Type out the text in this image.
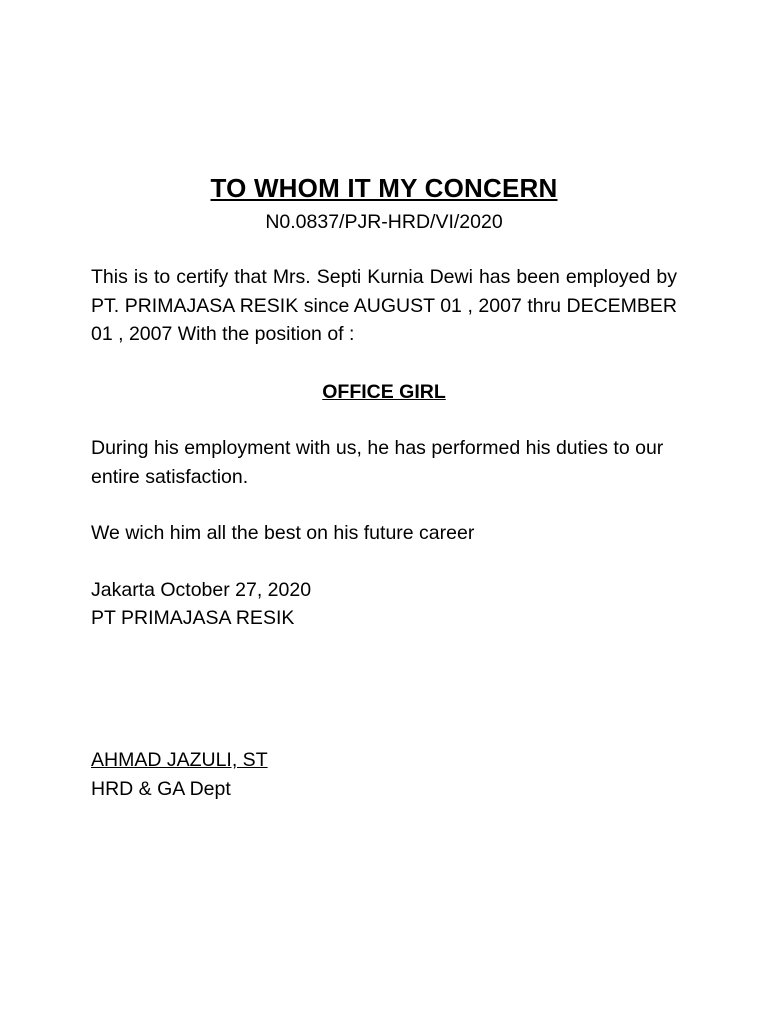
TO WHOM IT MY CONCERN
N0.0837/PJR-HRD/VI/2020
This is to certify that Mrs. Septi Kurnia Dewi has been employed by PT. PRIMAJASA RESIK since AUGUST 01 , 2007 thru DECEMBER 01 , 2007 With the position of :
OFFICE GIRL
During his employment with us, he has performed his duties to our entire satisfaction.
We wich him all the best on his future career
Jakarta October 27, 2020
PT PRIMAJASA RESIK
AHMAD JAZULI, ST
HRD & GA Dept
